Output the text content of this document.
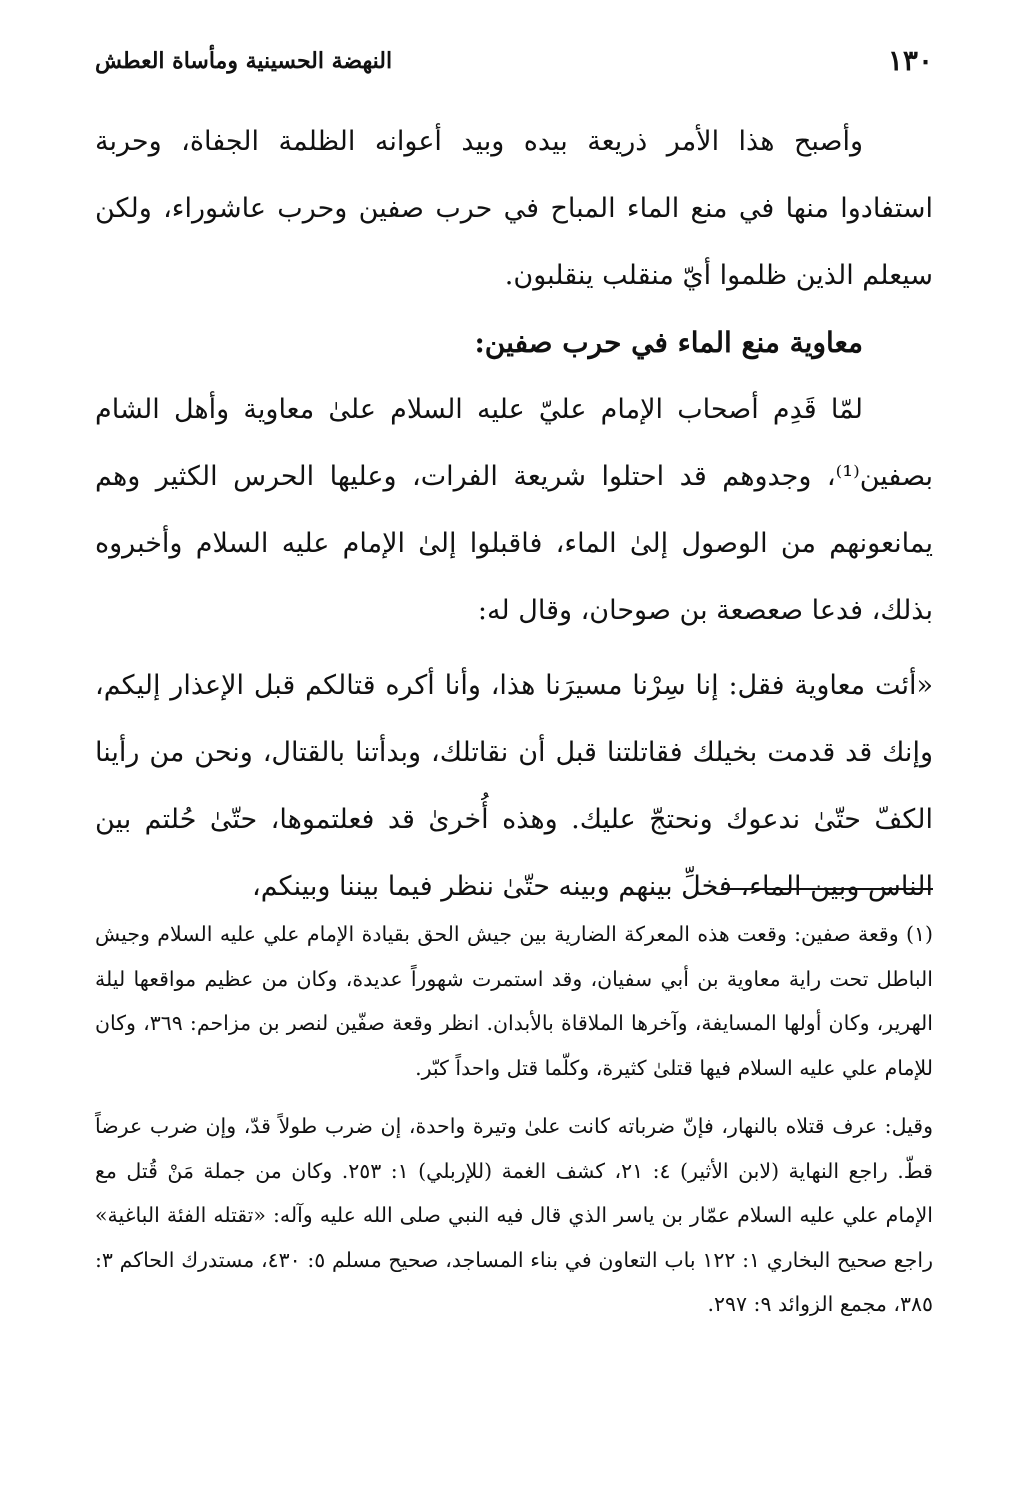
١٣٠
النهضة الحسينية ومأساة العطش

وأصبح هذا الأمر ذريعة بيده وبيد أعوانه الظلمة الجفاة، وحربة استفادوا منها في منع الماء المباح في حرب صفين وحرب عاشوراء، ولكن سيعلم الذين ظلموا أيّ منقلب ينقلبون.

معاوية منع الماء في حرب صفين:

لمّا قَدِم أصحاب الإمام عليّ عليه السلام علىٰ معاوية وأهل الشام بصفين⁽¹⁾، وجدوهم قد احتلوا شريعة الفرات، وعليها الحرس الكثير وهم يمانعونهم من الوصول إلىٰ الماء، فاقبلوا إلىٰ الإمام عليه السلام وأخبروه بذلك، فدعا صعصعة بن صوحان، وقال له:

«أئت معاوية فقل: إنا سِرْنا مسيرَنا هذا، وأنا أكره قتالكم قبل الإعذار إليكم، وإنك قد قدمت بخيلك فقاتلتنا قبل أن نقاتلك، وبدأتنا بالقتال، ونحن من رأينا الكفّ حتّىٰ ندعوك ونحتجّ عليك. وهذه أُخرىٰ قد فعلتموها، حتّىٰ حُلتم بين الناس وبين الماء، فخلِّ بينهم وبينه حتّىٰ ننظر فيما بيننا وبينكم،

(١) وقعة صفين: وقعت هذه المعركة الضارية بين جيش الحق بقيادة الإمام علي عليه السلام وجيش الباطل تحت راية معاوية بن أبي سفيان، وقد استمرت شهوراً عديدة، وكان من عظيم مواقعها ليلة الهرير، وكان أولها المسايفة، وآخرها الملاقاة بالأبدان. انظر وقعة صفّين لنصر بن مزاحم: ٣٦٩، وكان للإمام علي عليه السلام فيها قتلىٰ كثيرة، وكلّما قتل واحداً كبّر.

وقيل: عرف قتلاه بالنهار، فإنّ ضرباته كانت علىٰ وتيرة واحدة، إن ضرب طولاً قدّ، وإن ضرب عرضاً قطّ. راجع النهاية (لابن الأثير) ٤: ٢١، كشف الغمة (للإربلي) ١: ٢٥٣. وكان من جملة مَنْ قُتل مع الإمام علي عليه السلام عمّار بن ياسر الذي قال فيه النبي صلى الله عليه وآله: «تقتله الفئة الباغية» راجع صحيح البخاري ١: ١٢٢ باب التعاون في بناء المساجد، صحيح مسلم ٥: ٤٣٠، مستدرك الحاكم ٣: ٣٨٥، مجمع الزوائد ٩: ٢٩٧.
